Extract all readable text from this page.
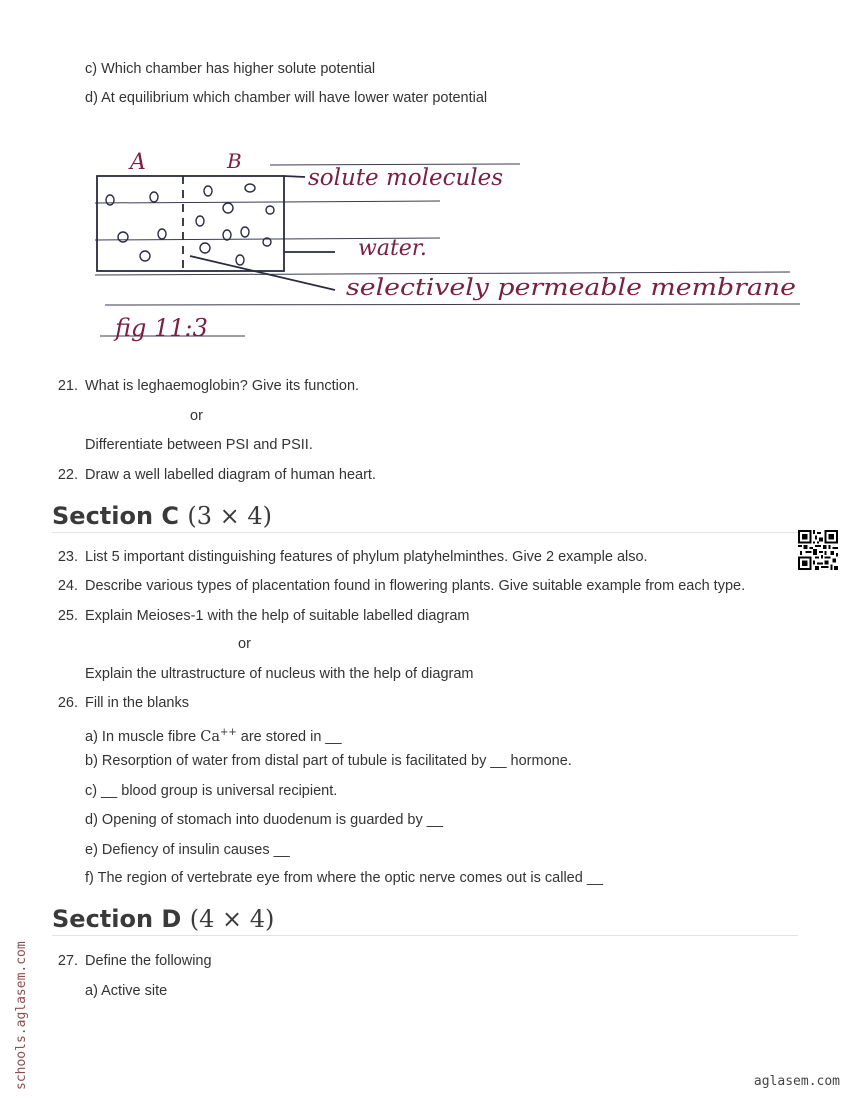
c) Which chamber has higher solute potential
d) At equilibrium which chamber will have lower water potential
A	B
solute molecules
water.
selectively permeable membrane
fig 11:3
21. What is leghaemoglobin? Give its function.
or
Differentiate between PSI and PSII.
22. Draw a well labelled diagram of human heart.
Section C (3 × 4)
23. List 5 important distinguishing features of phylum platyhelminthes. Give 2 example also.
24. Describe various types of placentation found in flowering plants. Give suitable example from each type.
25. Explain Meioses-1 with the help of suitable labelled diagram
or
Explain the ultrastructure of nucleus with the help of diagram
26. Fill in the blanks
a) In muscle fibre Ca++ are stored in __
b) Resorption of water from distal part of tubule is facilitated by __ hormone.
c) __ blood group is universal recipient.
d) Opening of stomach into duodenum is guarded by __
e) Defiency of insulin causes __
f) The region of vertebrate eye from where the optic nerve comes out is called __
Section D (4 × 4)
27. Define the following
a) Active site
schools.aglasem.com	aglasem.com
